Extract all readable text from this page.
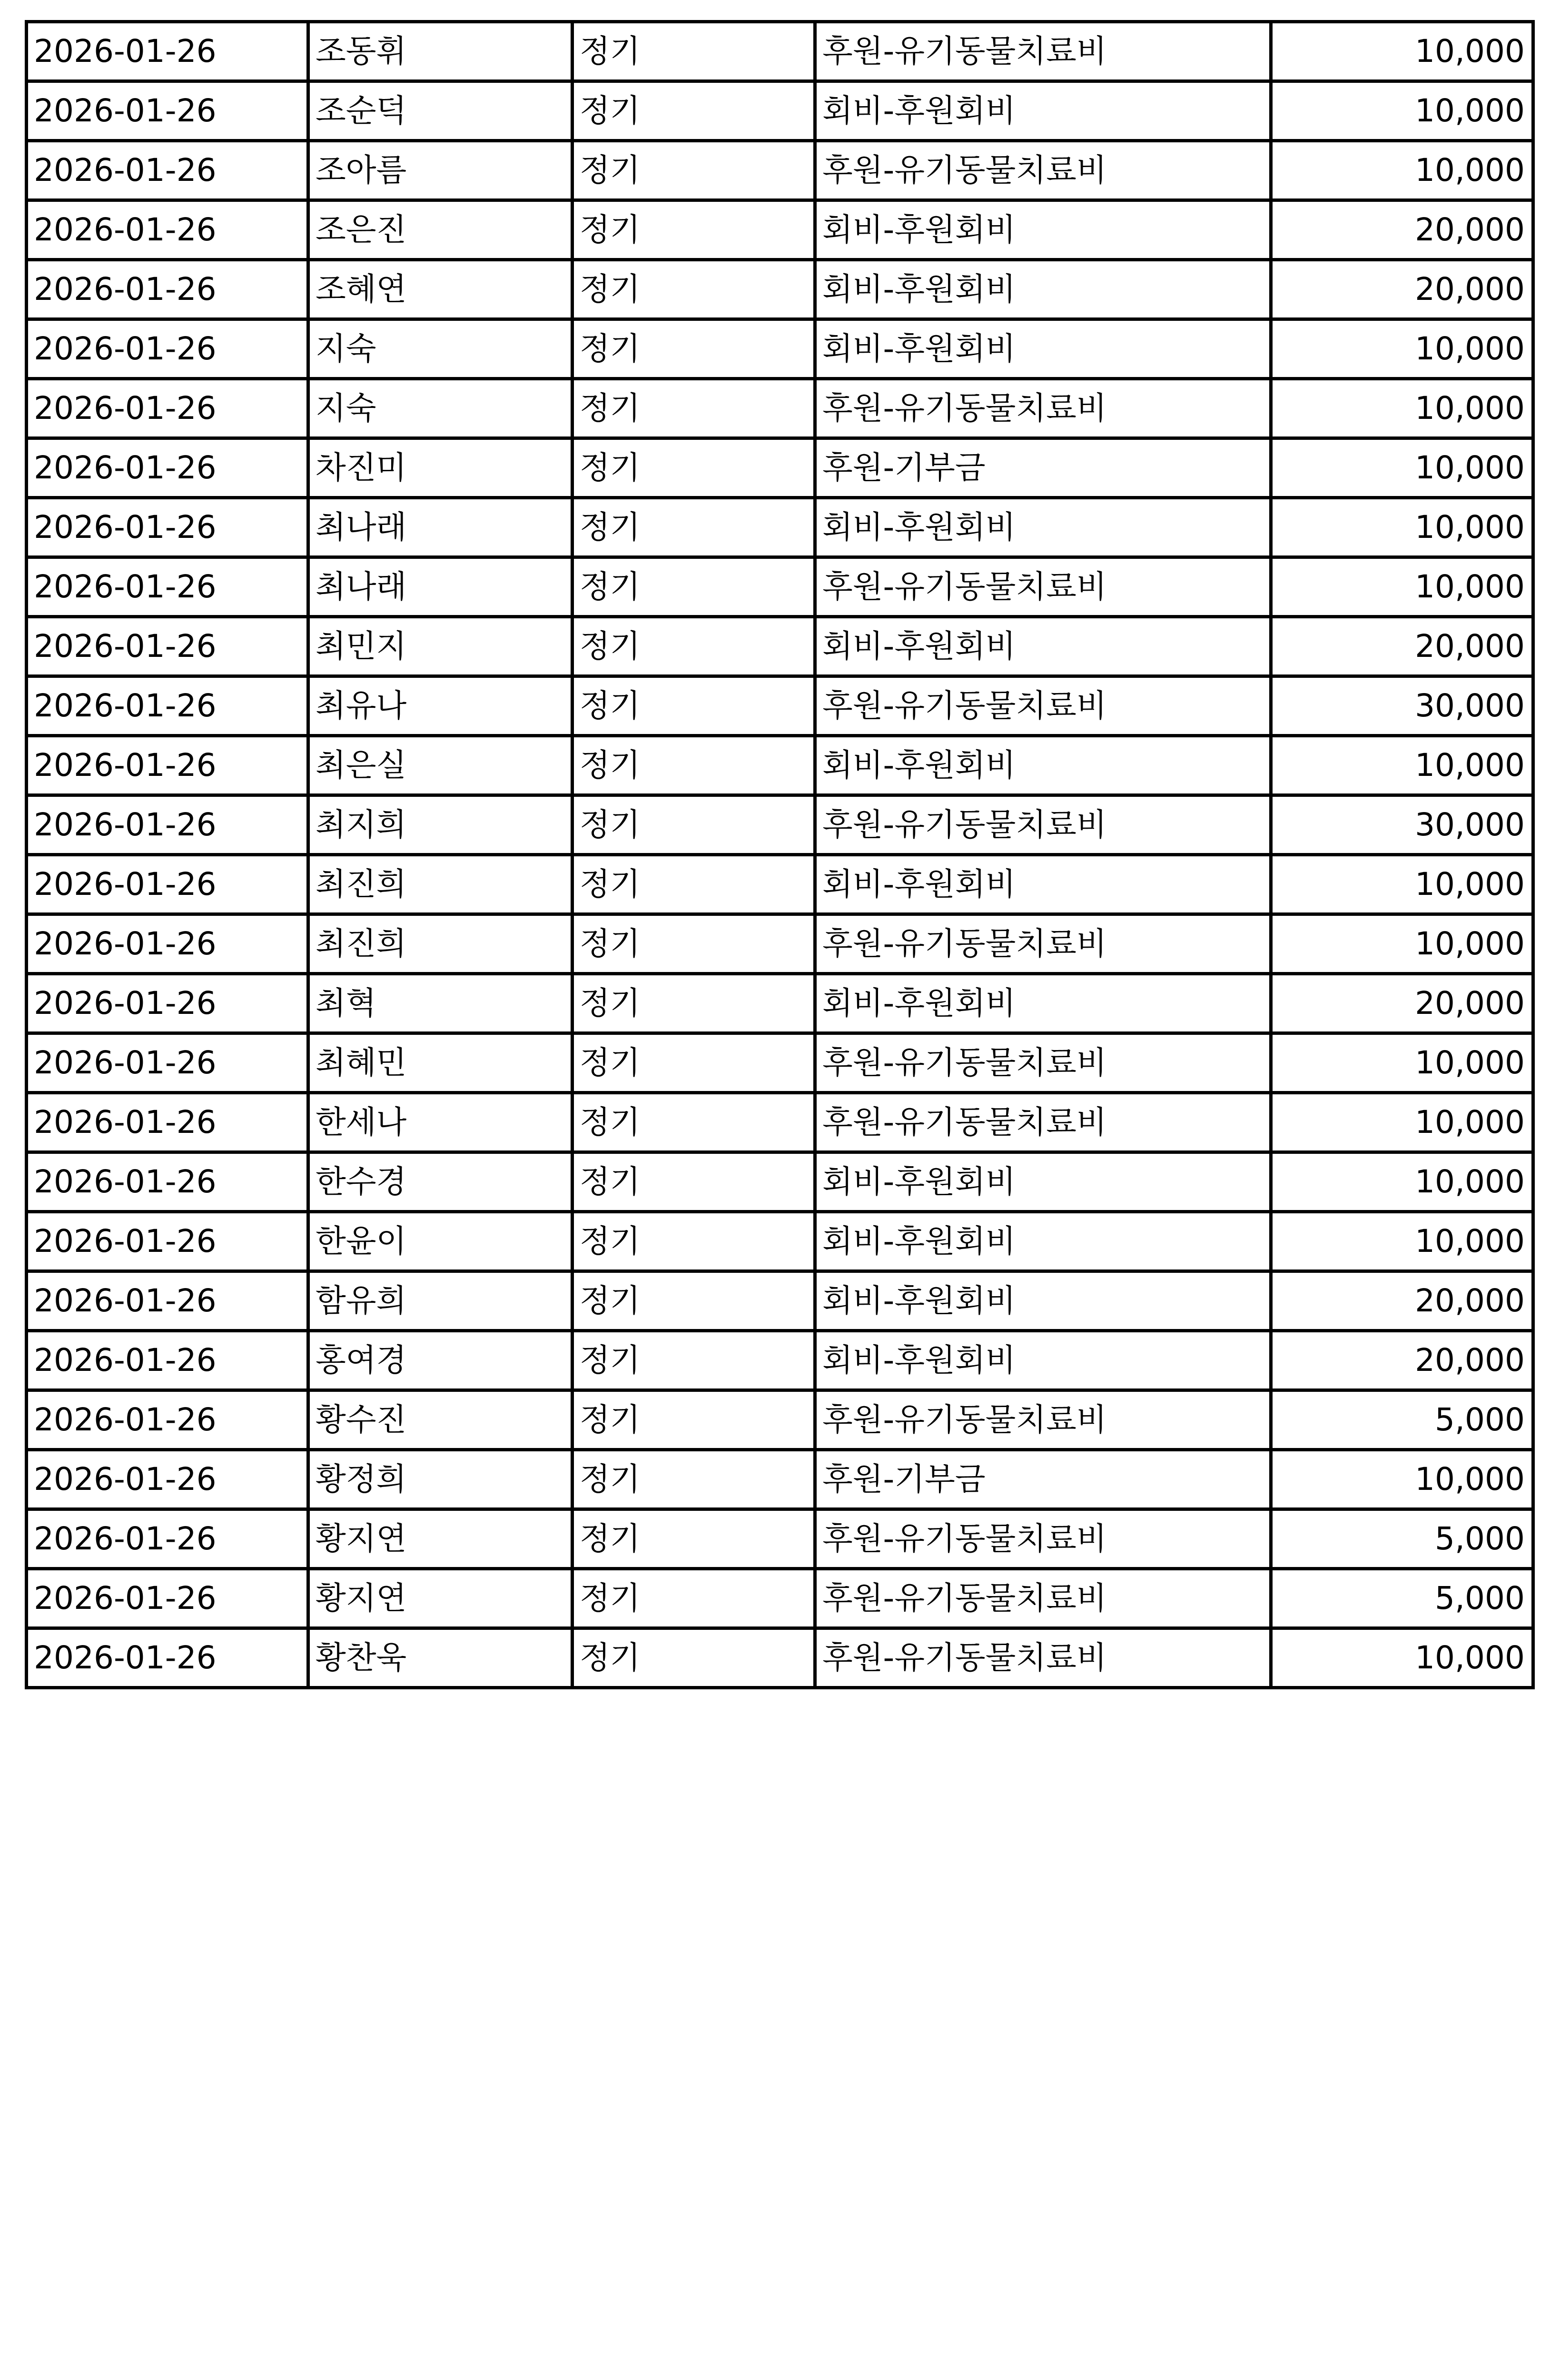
2026-01-26	조동휘	정기	후원-유기동물치료비	10,000
2026-01-26	조순덕	정기	회비-후원회비	10,000
2026-01-26	조아름	정기	후원-유기동물치료비	10,000
2026-01-26	조은진	정기	회비-후원회비	20,000
2026-01-26	조혜연	정기	회비-후원회비	20,000
2026-01-26	지숙	정기	회비-후원회비	10,000
2026-01-26	지숙	정기	후원-유기동물치료비	10,000
2026-01-26	차진미	정기	후원-기부금	10,000
2026-01-26	최나래	정기	회비-후원회비	10,000
2026-01-26	최나래	정기	후원-유기동물치료비	10,000
2026-01-26	최민지	정기	회비-후원회비	20,000
2026-01-26	최유나	정기	후원-유기동물치료비	30,000
2026-01-26	최은실	정기	회비-후원회비	10,000
2026-01-26	최지희	정기	후원-유기동물치료비	30,000
2026-01-26	최진희	정기	회비-후원회비	10,000
2026-01-26	최진희	정기	후원-유기동물치료비	10,000
2026-01-26	최혁	정기	회비-후원회비	20,000
2026-01-26	최혜민	정기	후원-유기동물치료비	10,000
2026-01-26	한세나	정기	후원-유기동물치료비	10,000
2026-01-26	한수경	정기	회비-후원회비	10,000
2026-01-26	한윤이	정기	회비-후원회비	10,000
2026-01-26	함유희	정기	회비-후원회비	20,000
2026-01-26	홍여경	정기	회비-후원회비	20,000
2026-01-26	황수진	정기	후원-유기동물치료비	5,000
2026-01-26	황정희	정기	후원-기부금	10,000
2026-01-26	황지연	정기	후원-유기동물치료비	5,000
2026-01-26	황지연	정기	후원-유기동물치료비	5,000
2026-01-26	황찬욱	정기	후원-유기동물치료비	10,000
